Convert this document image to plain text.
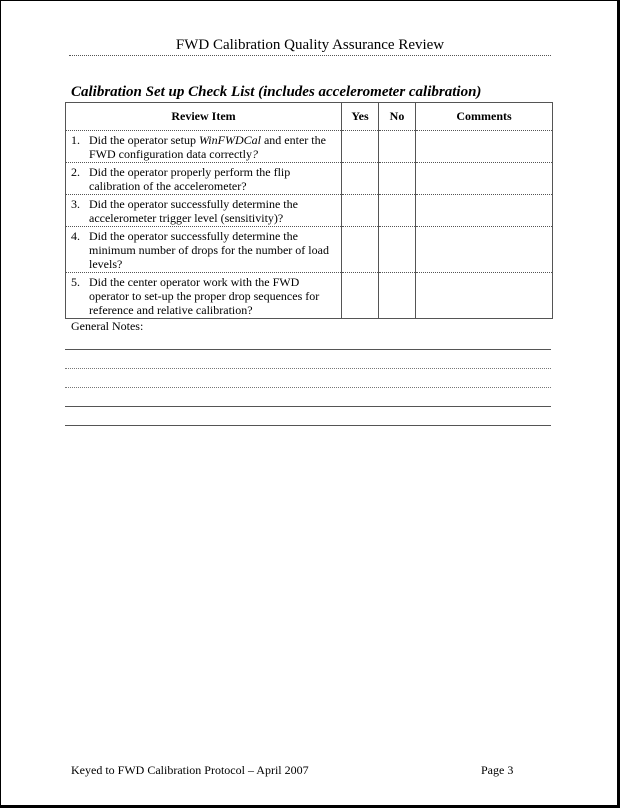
FWD Calibration Quality Assurance Review
Calibration Set up Check List (includes accelerometer calibration)
Review Item	Yes	No	Comments

1. Did the operator setup WinFWDCal and enter the FWD configuration data correctly?			

2. Did the operator properly perform the flip calibration of the accelerometer?			

3. Did the operator successfully determine the accelerometer trigger level (sensitivity)?			

4. Did the operator successfully determine the minimum number of drops for the number of load levels?			

5. Did the center operator work with the FWD operator to set-up the proper drop sequences for reference and relative calibration?			

General Notes:
Keyed to FWD Calibration Protocol – April 2007	Page 3
